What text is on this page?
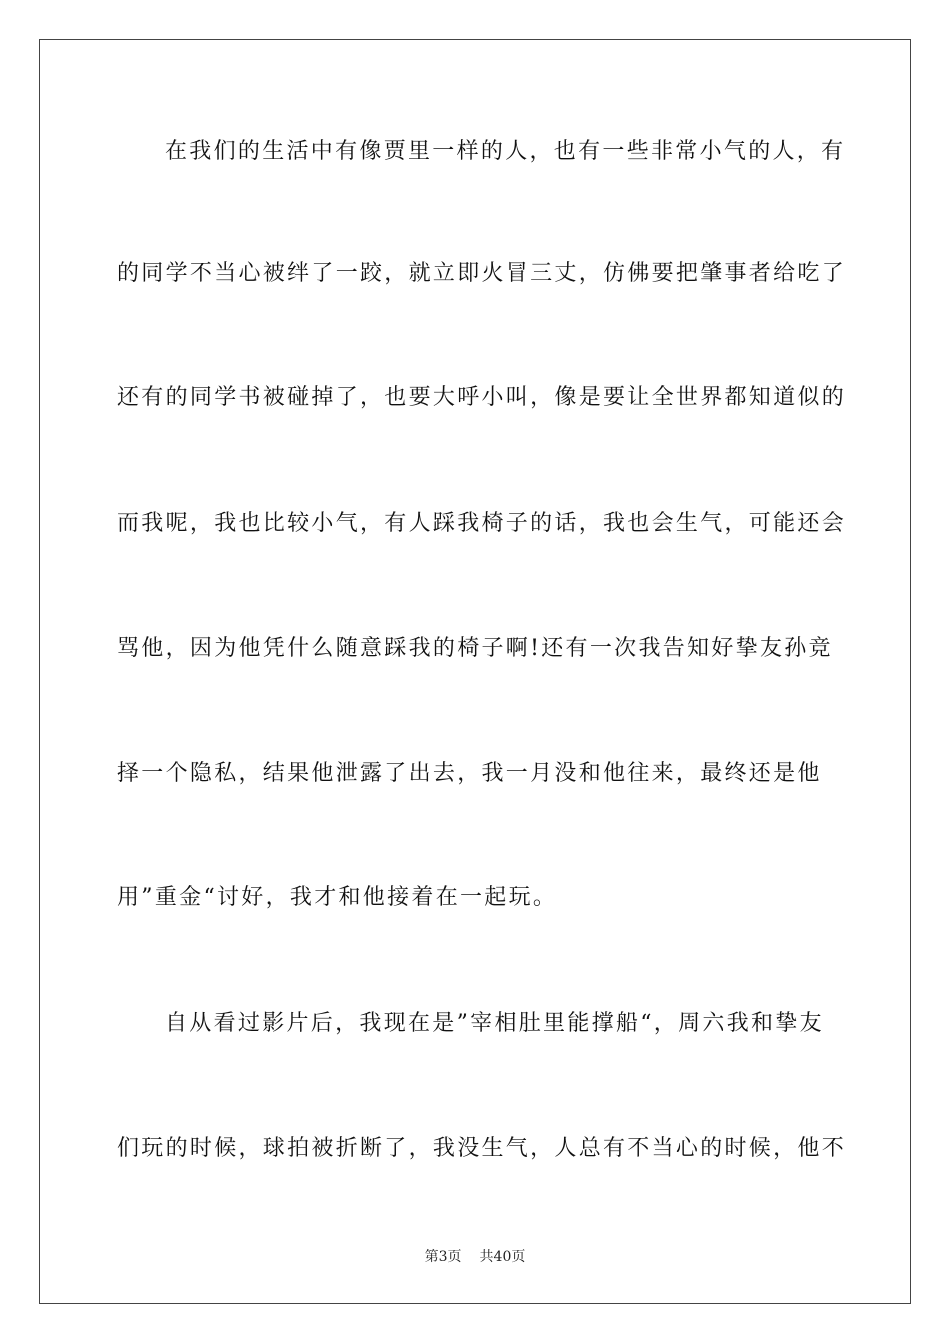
在我们的生活中有像贾里一样的人，也有一些非常小气的人，有
的同学不当心被绊了一跤，就立即火冒三丈，仿佛要把肇事者给吃了
还有的同学书被碰掉了，也要大呼小叫，像是要让全世界都知道似的
而我呢，我也比较小气，有人踩我椅子的话，我也会生气，可能还会
骂他，因为他凭什么随意踩我的椅子啊!还有一次我告知好挚友孙竞
择一个隐私，结果他泄露了出去，我一月没和他往来，最终还是他
用”重金“讨好，我才和他接着在一起玩。
自从看过影片后，我现在是”宰相肚里能撑船“，周六我和挚友
们玩的时候，球拍被折断了，我没生气，人总有不当心的时候，他不
第3页 共40页
